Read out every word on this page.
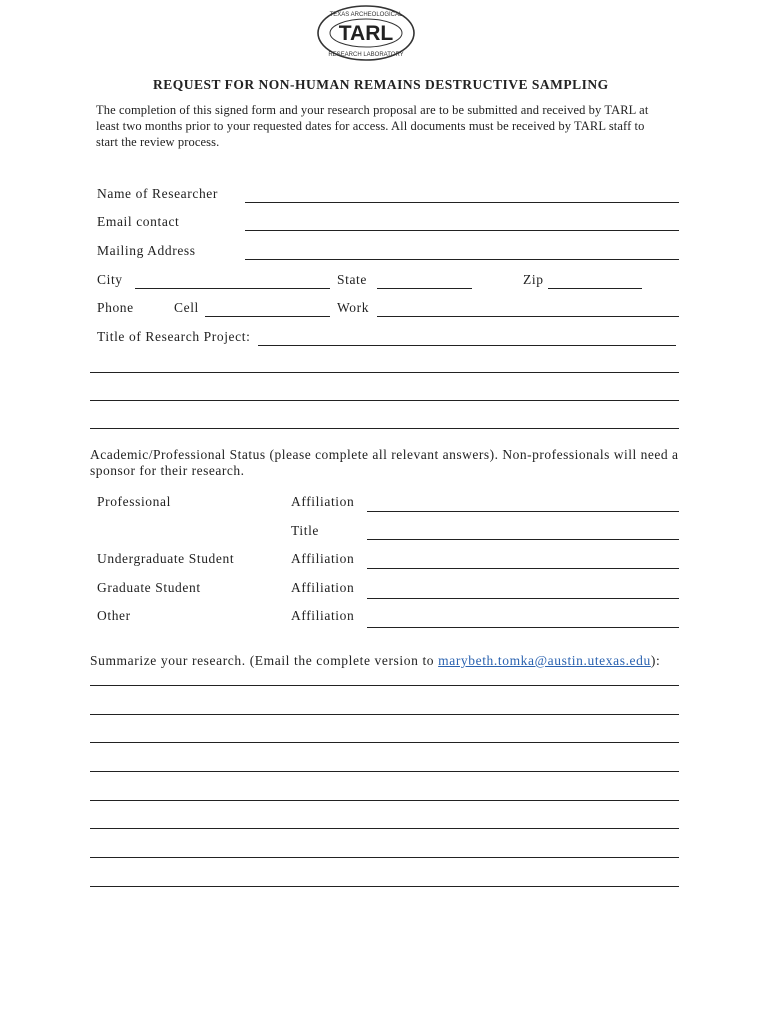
TARL
TEXAS ARCHEOLOGICAL
RESEARCH LABORATORY
REQUEST FOR NON-HUMAN REMAINS DESTRUCTIVE SAMPLING
The completion of this signed form and your research proposal are to be submitted and received by TARL at least two months prior to your requested dates for access. All documents must be received by TARL staff to start the review process.
Name of Researcher
Email contact
Mailing Address
City	State	Zip
Phone	Cell	Work
Title of Research Project:
Academic/Professional Status (please complete all relevant answers). Non-professionals will need a sponsor for their research.
Professional	Affiliation
Title
Undergraduate Student	Affiliation
Graduate Student	Affiliation
Other	Affiliation
Summarize your research. (Email the complete version to marybeth.tomka@austin.utexas.edu):
